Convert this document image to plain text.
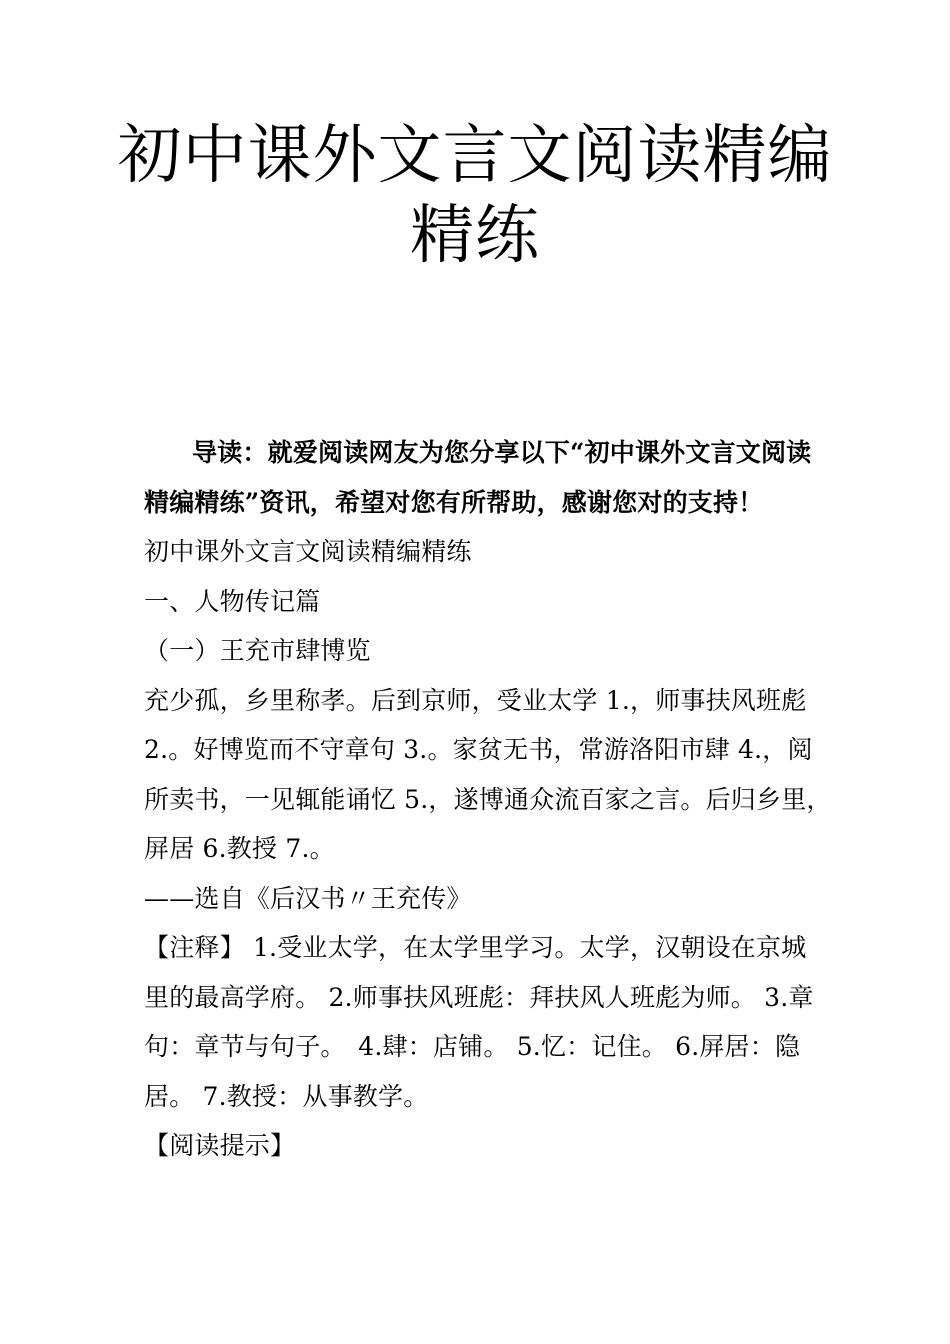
初中课外文言文阅读精编
精练
导读：就爱阅读网友为您分享以下“初中课外文言文阅读
精编精练”资讯，希望对您有所帮助，感谢您对的支持！
初中课外文言文阅读精编精练
一、人物传记篇
（一）王充市肆博览
充少孤，乡里称孝。后到京师，受业太学 1.，师事扶风班彪
2.。好博览而不守章句 3.。家贫无书，常游洛阳市肆 4.，阅
所卖书，一见辄能诵忆 5.，遂博通众流百家之言。后归乡里，
屏居 6.教授 7.。
——选自《后汉书〃王充传》
【注释】 1.受业太学，在太学里学习。太学，汉朝设在京城
里的最高学府。 2.师事扶风班彪：拜扶风人班彪为师。 3.章
句：章节与句子。　4.肆：店铺。 5.忆：记住。 6.屏居：隐
居。 7.教授：从事教学。
【阅读提示】
